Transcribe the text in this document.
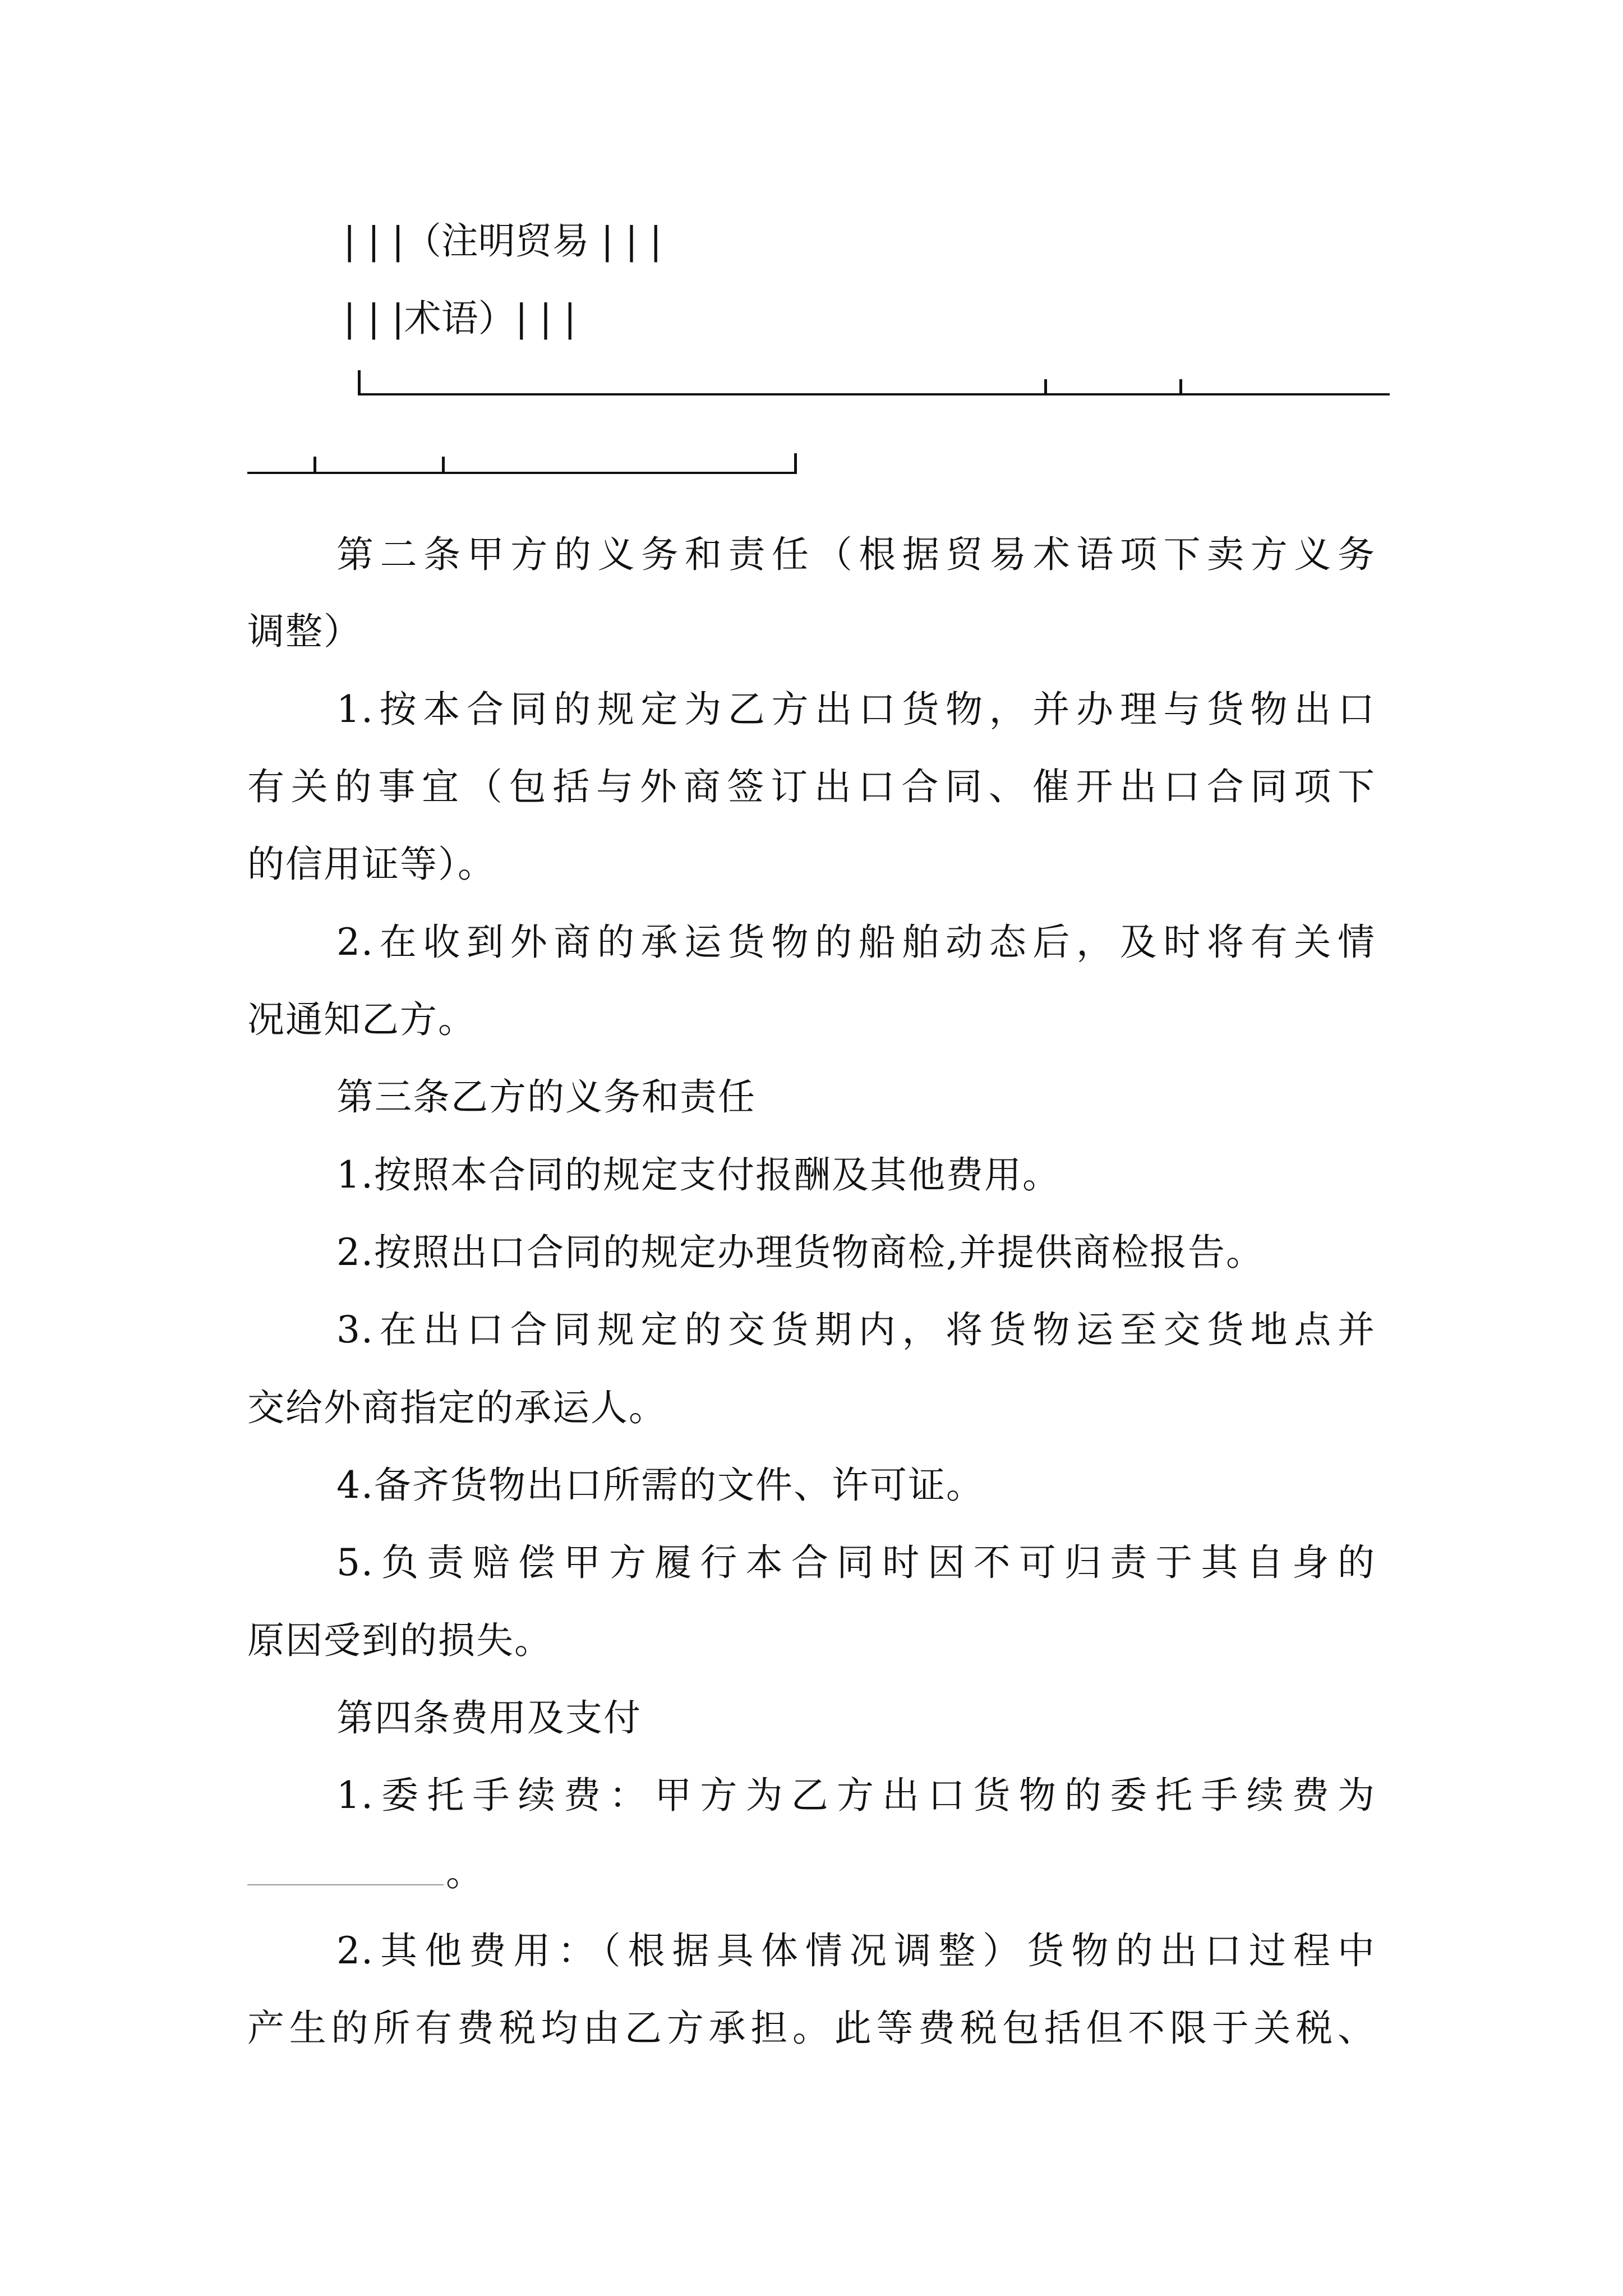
| | |（注明贸易 | | |
| | |术语）| | |
第二条甲方的义务和责任（根据贸易术语项下卖方义务
调整）
1.按本合同的规定为乙方出口货物，并办理与货物出口
有关的事宜（包括与外商签订出口合同、催开出口合同项下
的信用证等）。
2.在收到外商的承运货物的船舶动态后，及时将有关情
况通知乙方。
第三条乙方的义务和责任
1.按照本合同的规定支付报酬及其他费用。
2.按照出口合同的规定办理货物商检,并提供商检报告。
3.在出口合同规定的交货期内，将货物运至交货地点并
交给外商指定的承运人。
4.备齐货物出口所需的文件、许可证。
5.负责赔偿甲方履行本合同时因不可归责于其自身的
原因受到的损失。
第四条费用及支付
1.委托手续费：甲方为乙方出口货物的委托手续费为
。
2.其他费用：（根据具体情况调整）货物的出口过程中
产生的所有费税均由乙方承担。此等费税包括但不限于关税、
